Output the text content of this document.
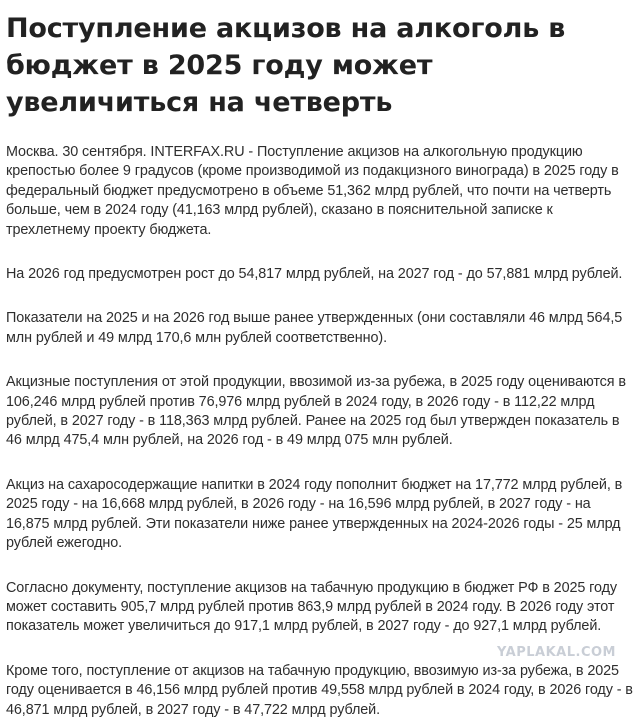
Поступление акцизов на алкоголь в бюджет в 2025 году может увеличиться на четверть

Москва. 30 сентября. INTERFAX.RU - Поступление акцизов на алкогольную продукцию крепостью более 9 градусов (кроме производимой из подакцизного винограда) в 2025 году в федеральный бюджет предусмотрено в объеме 51,362 млрд рублей, что почти на четверть больше, чем в 2024 году (41,163 млрд рублей), сказано в пояснительной записке к трехлетнему проекту бюджета.

На 2026 год предусмотрен рост до 54,817 млрд рублей, на 2027 год - до 57,881 млрд рублей.

Показатели на 2025 и на 2026 год выше ранее утвержденных (они составляли 46 млрд 564,5 млн рублей и 49 млрд 170,6 млн рублей соответственно).

Акцизные поступления от этой продукции, ввозимой из-за рубежа, в 2025 году оцениваются в 106,246 млрд рублей против 76,976 млрд рублей в 2024 году, в 2026 году - в 112,22 млрд рублей, в 2027 году - в 118,363 млрд рублей. Ранее на 2025 год был утвержден показатель в 46 млрд 475,4 млн рублей, на 2026 год - в 49 млрд 075 млн рублей.

Акциз на сахаросодержащие напитки в 2024 году пополнит бюджет на 17,772 млрд рублей, в 2025 году - на 16,668 млрд рублей, в 2026 году - на 16,596 млрд рублей, в 2027 году - на 16,875 млрд рублей. Эти показатели ниже ранее утвержденных на 2024-2026 годы - 25 млрд рублей ежегодно.

Согласно документу, поступление акцизов на табачную продукцию в бюджет РФ в 2025 году может составить 905,7 млрд рублей против 863,9 млрд рублей в 2024 году. В 2026 году этот показатель может увеличиться до 917,1 млрд рублей, в 2027 году - до 927,1 млрд рублей.

Кроме того, поступление от акцизов на табачную продукцию, ввозимую из-за рубежа, в 2025 году оценивается в 46,156 млрд рублей против 49,558 млрд рублей в 2024 году, в 2026 году - в 46,871 млрд рублей, в 2027 году - в 47,722 млрд рублей.

YAPLAKAL.COM
